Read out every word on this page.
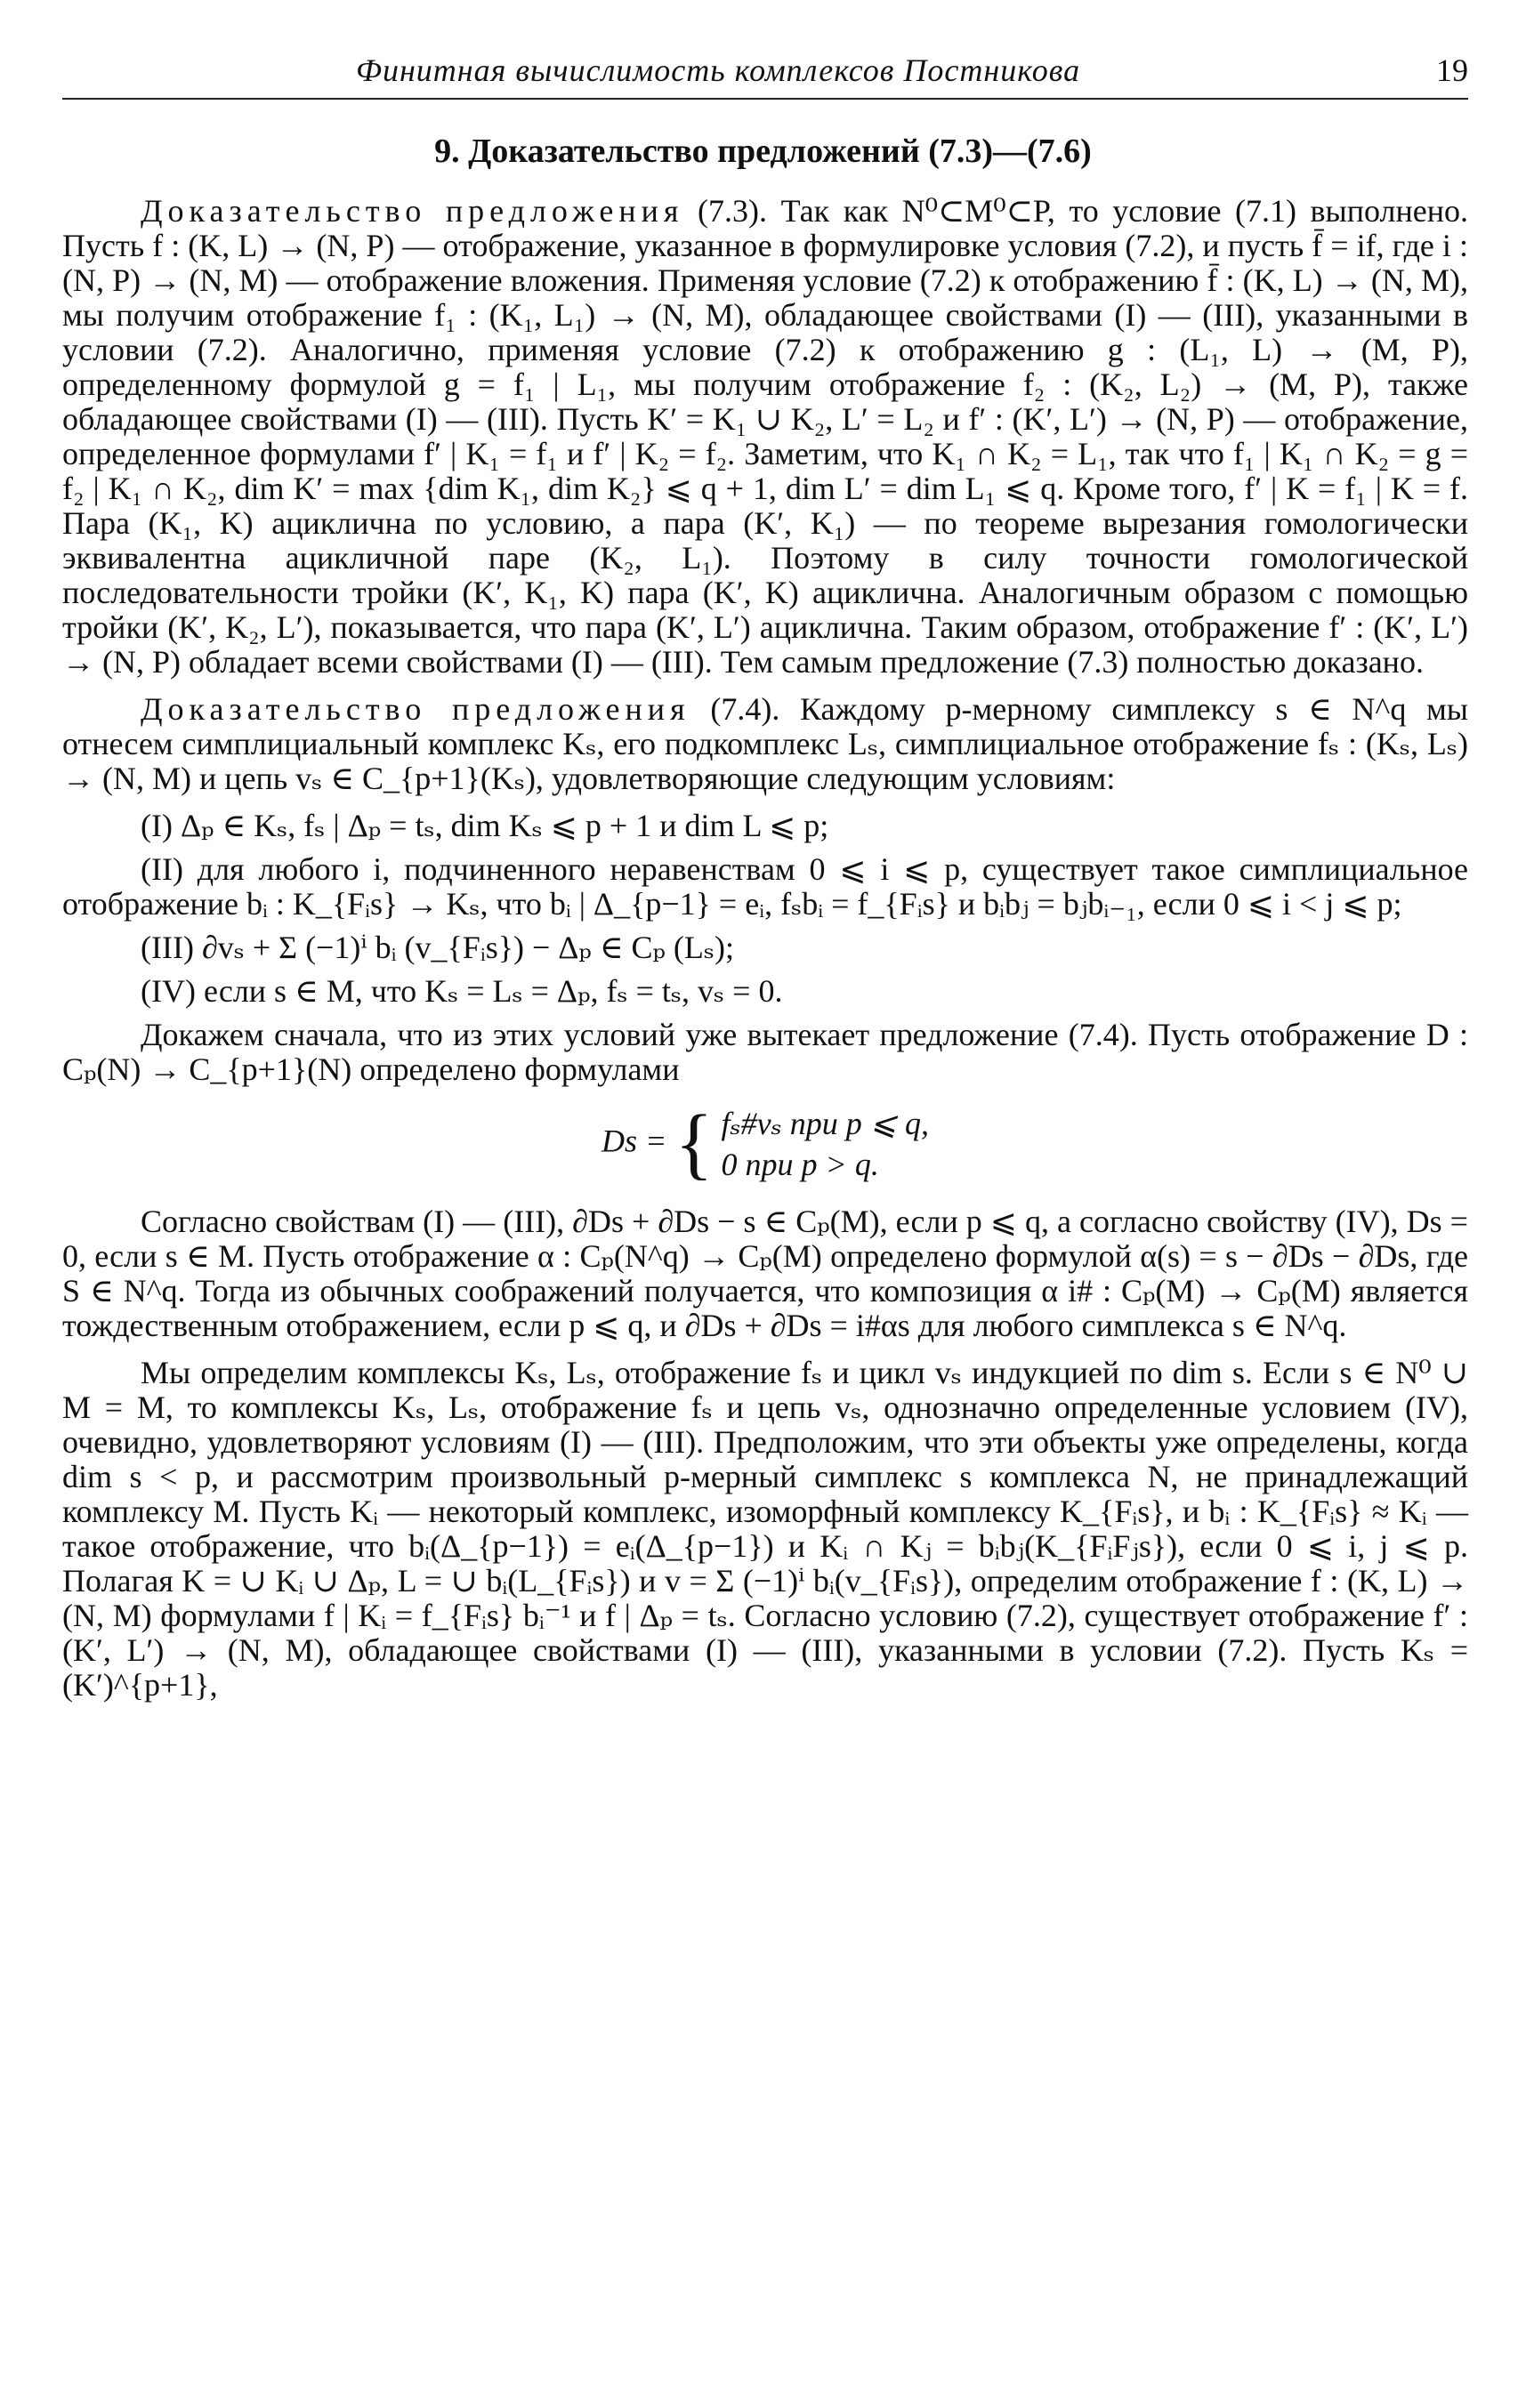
Финитная вычислимость комплексов Постникова	19
9. Доказательство предложений (7.3)—(7.6)

Доказательство предложения (7.3). Так как N⁰⊂M⁰⊂P, то условие (7.1) выполнено. Пусть f : (K, L) → (N, P) — отображение, указанное в формулировке условия (7.2), и пусть f̄ = if, где i : (N, P) → (N, M) — отображение вложения. Применяя условие (7.2) к отображению f̄ : (K, L) → (N, M), мы получим отображение f₁ : (K₁, L₁) → (N, M), обладающее свойствами (I) — (III), указанными в условии (7.2). Аналогично, применяя условие (7.2) к отображению g : (L₁, L) → (M, P), определенному формулой g = f₁ | L₁, мы получим отображение f₂ : (K₂, L₂) → (M, P), также обладающее свойствами (I) — (III). Пусть K′ = K₁ ∪ K₂, L′ = L₂ и f′ : (K′, L′) → (N, P) — отображение, определенное формулами f′ | K₁ = f₁ и f′ | K₂ = f₂. Заметим, что K₁ ∩ K₂ = L₁, так что f₁ | K₁ ∩ K₂ = g = f₂ | K₁ ∩ K₂, dim K′ = max {dim K₁, dim K₂} ⩽ q + 1, dim L′ = dim L₁ ⩽ q. Кроме того, f′ | K = f₁ | K = f. Пара (K₁, K) ациклична по условию, а пара (K′, K₁) — по теореме вырезания гомологически эквивалентна ацикличной паре (K₂, L₁). Поэтому в силу точности гомологической последовательности тройки (K′, K₁, K) пара (K′, K) ациклична. Аналогичным образом с помощью тройки (K′, K₂, L′), показывается, что пара (K′, L′) ациклична. Таким образом, отображение f′ : (K′, L′) → (N, P) обладает всеми свойствами (I) — (III). Тем самым предложение (7.3) полностью доказано.

Доказательство предложения (7.4). Каждому p-мерному симплексу s ∈ N^q мы отнесем симплициальный комплекс Kₛ, его подкомплекс Lₛ, симплициальное отображение fₛ : (Kₛ, Lₛ) → (N, M) и цепь vₛ ∈ C_{p+1}(Kₛ), удовлетворяющие следующим условиям:

(I) Δₚ ∈ Kₛ, fₛ | Δₚ = tₛ, dim Kₛ ⩽ p + 1 и dim L ⩽ p;

(II) для любого i, подчиненного неравенствам 0 ⩽ i ⩽ p, существует такое симплициальное отображение bᵢ : K_{Fᵢs} → Kₛ, что bᵢ | Δ_{p−1} = eᵢ, fₛbᵢ = f_{Fᵢs} и bᵢbⱼ = bⱼbᵢ₋₁, если 0 ⩽ i < j ⩽ p;

(III) ∂vₛ + Σ (−1)ⁱ bᵢ (v_{Fᵢs}) − Δₚ ∈ Cₚ (Lₛ);

(IV) если s ∈ M, что Kₛ = Lₛ = Δₚ, fₛ = tₛ, vₛ = 0.

Докажем сначала, что из этих условий уже вытекает предложение (7.4). Пусть отображение D : Cₚ(N) → C_{p+1}(N) определено формулами

Ds = { fₛ#vₛ при p ⩽ q,
0 при p > q.

Согласно свойствам (I) — (III), ∂Ds + ∂Ds − s ∈ Cₚ(M), если p ⩽ q, а согласно свойству (IV), Ds = 0, если s ∈ M. Пусть отображение α : Cₚ(N^q) → Cₚ(M) определено формулой α(s) = s − ∂Ds − ∂Ds, где S ∈ N^q. Тогда из обычных соображений получается, что композиция α i# : Cₚ(M) → Cₚ(M) является тождественным отображением, если p ⩽ q, и ∂Ds + ∂Ds = i#αs для любого симплекса s ∈ N^q.

Мы определим комплексы Kₛ, Lₛ, отображение fₛ и цикл vₛ индукцией по dim s. Если s ∈ N⁰ ∪ M = M, то комплексы Kₛ, Lₛ, отображение fₛ и цепь vₛ, однозначно определенные условием (IV), очевидно, удовлетворяют условиям (I) — (III). Предположим, что эти объекты уже определены, когда dim s < p, и рассмотрим произвольный p-мерный симплекс s комплекса N, не принадлежащий комплексу M. Пусть Kᵢ — некоторый комплекс, изоморфный комплексу K_{Fᵢs}, и bᵢ : K_{Fᵢs} ≈ Kᵢ — такое отображение, что bᵢ(Δ_{p−1}) = eᵢ(Δ_{p−1}) и Kᵢ ∩ Kⱼ = bᵢbⱼ(K_{FᵢFⱼs}), если 0 ⩽ i, j ⩽ p. Полагая K = ∪ Kᵢ ∪ Δₚ, L = ∪ bᵢ(L_{Fᵢs}) и v = Σ (−1)ⁱ bᵢ(v_{Fᵢs}), определим отображение f : (K, L) → (N, M) формулами f | Kᵢ = f_{Fᵢs} bᵢ⁻¹ и f | Δₚ = tₛ. Согласно условию (7.2), существует отображение f′ : (K′, L′) → (N, M), обладающее свойствами (I) — (III), указанными в условии (7.2). Пусть Kₛ = (K′)^{p+1},
